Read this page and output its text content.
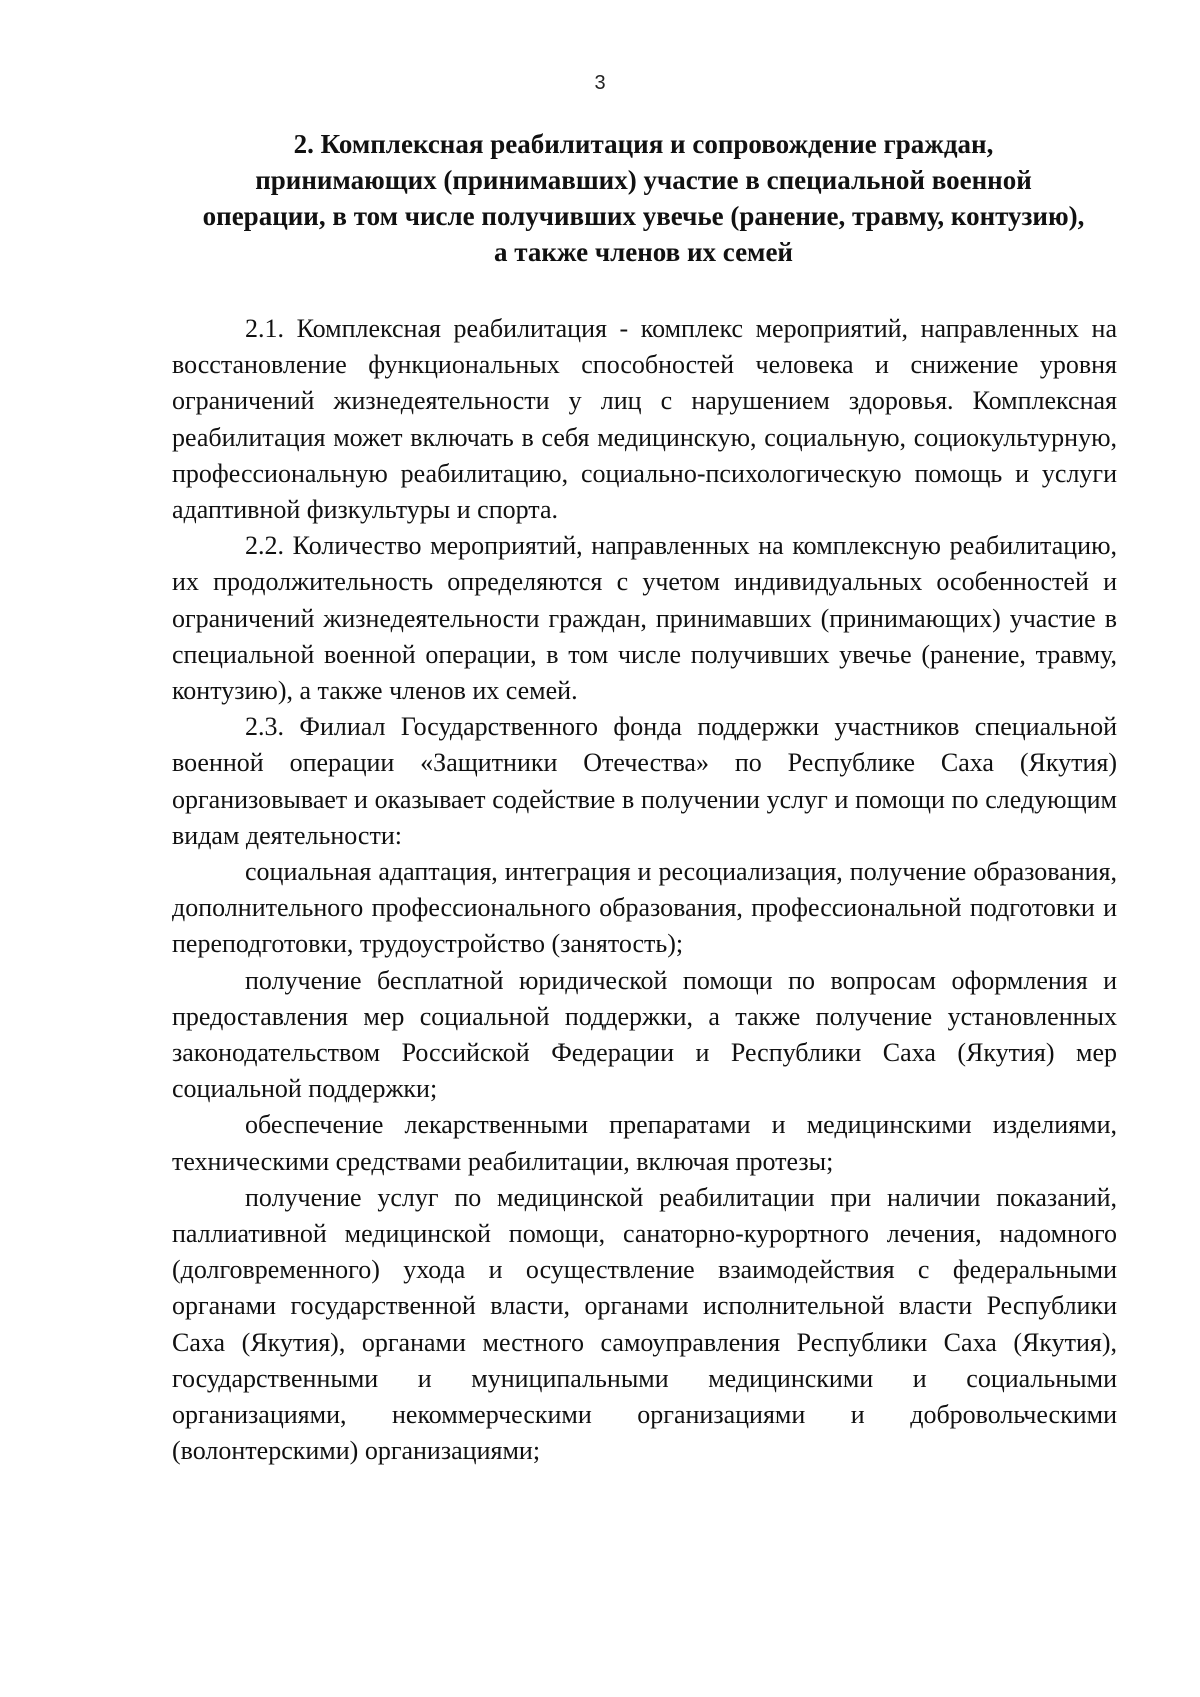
3
2. Комплексная реабилитация и сопровождение граждан,
принимающих (принимавших) участие в специальной военной
операции, в том числе получивших увечье (ранение, травму, контузию),
а также членов их семей

2.1. Комплексная реабилитация - комплекс мероприятий, направленных на восстановление функциональных способностей человека и снижение уровня ограничений жизнедеятельности у лиц с нарушением здоровья. Комплексная реабилитация может включать в себя медицинскую, социальную, социокультурную, профессиональную реабилитацию, социально-психологическую помощь и услуги адаптивной физкультуры и спорта.

2.2. Количество мероприятий, направленных на комплексную реабилитацию, их продолжительность определяются с учетом индивидуальных особенностей и ограничений жизнедеятельности граждан, принимавших (принимающих) участие в специальной военной операции, в том числе получивших увечье (ранение, травму, контузию), а также членов их семей.

2.3. Филиал Государственного фонда поддержки участников специальной военной операции «Защитники Отечества» по Республике Саха (Якутия) организовывает и оказывает содействие в получении услуг и помощи по следующим видам деятельности:

социальная адаптация, интеграция и ресоциализация, получение образования, дополнительного профессионального образования, профессиональной подготовки и переподготовки, трудоустройство (занятость);

получение бесплатной юридической помощи по вопросам оформления и предоставления мер социальной поддержки, а также получение установленных законодательством Российской Федерации и Республики Саха (Якутия) мер социальной поддержки;

обеспечение лекарственными препаратами и медицинскими изделиями, техническими средствами реабилитации, включая протезы;

получение услуг по медицинской реабилитации при наличии показаний, паллиативной медицинской помощи, санаторно-курортного лечения, надомного (долговременного) ухода и осуществление взаимодействия с федеральными органами государственной власти, органами исполнительной власти Республики Саха (Якутия), органами местного самоуправления Республики Саха (Якутия), государственными и муниципальными медицинскими и социальными организациями, некоммерческими организациями и добровольческими (волонтерскими) организациями;
